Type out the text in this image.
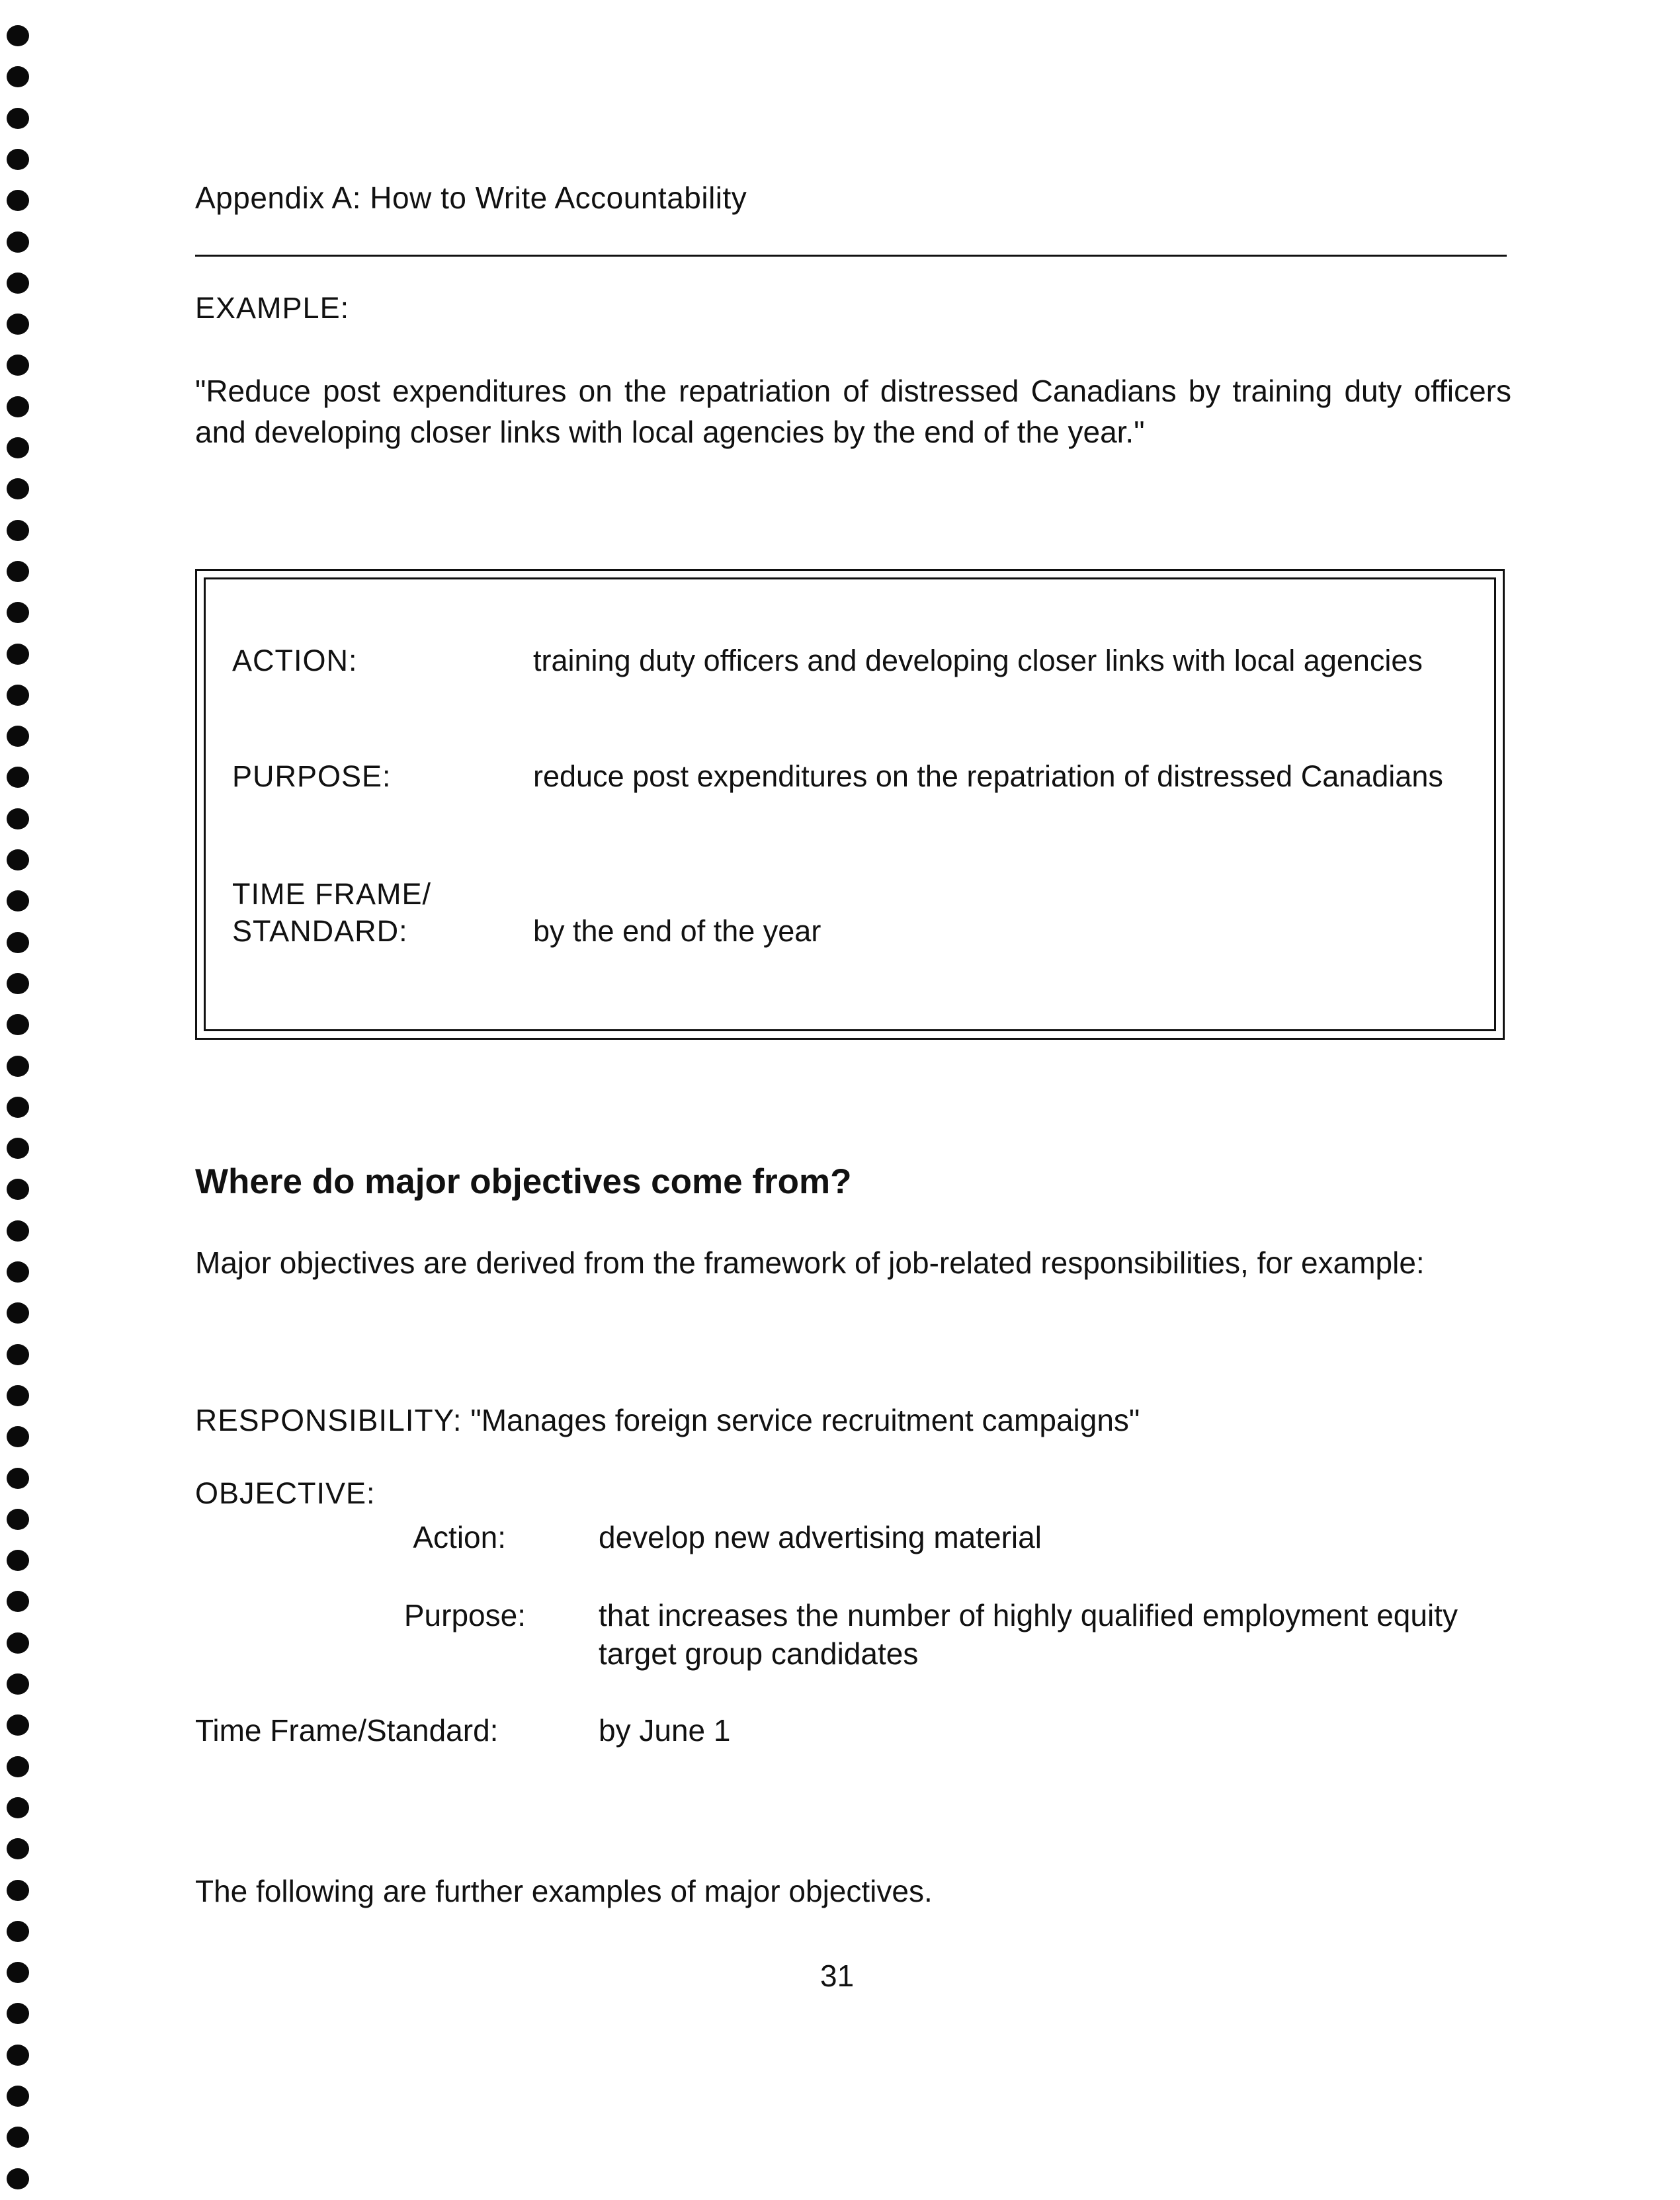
Appendix A: How to Write Accountability
EXAMPLE:
"Reduce post expenditures on the repatriation of distressed Canadians by training duty officers and developing closer links with local agencies by the end of the year."
ACTION:	training duty officers and developing closer links with local agencies
PURPOSE:	reduce post expenditures on the repatriation of distressed Canadians
TIME FRAME/
STANDARD:	by the end of the year
Where do major objectives come from?
Major objectives are derived from the framework of job-related responsibilities, for example:
RESPONSIBILITY: "Manages foreign service recruitment campaigns"
OBJECTIVE:
Action:	develop new advertising material
Purpose: that increases the number of highly qualified employment equity target group candidates
Time Frame/Standard:	by June 1
The following are further examples of major objectives.
31
